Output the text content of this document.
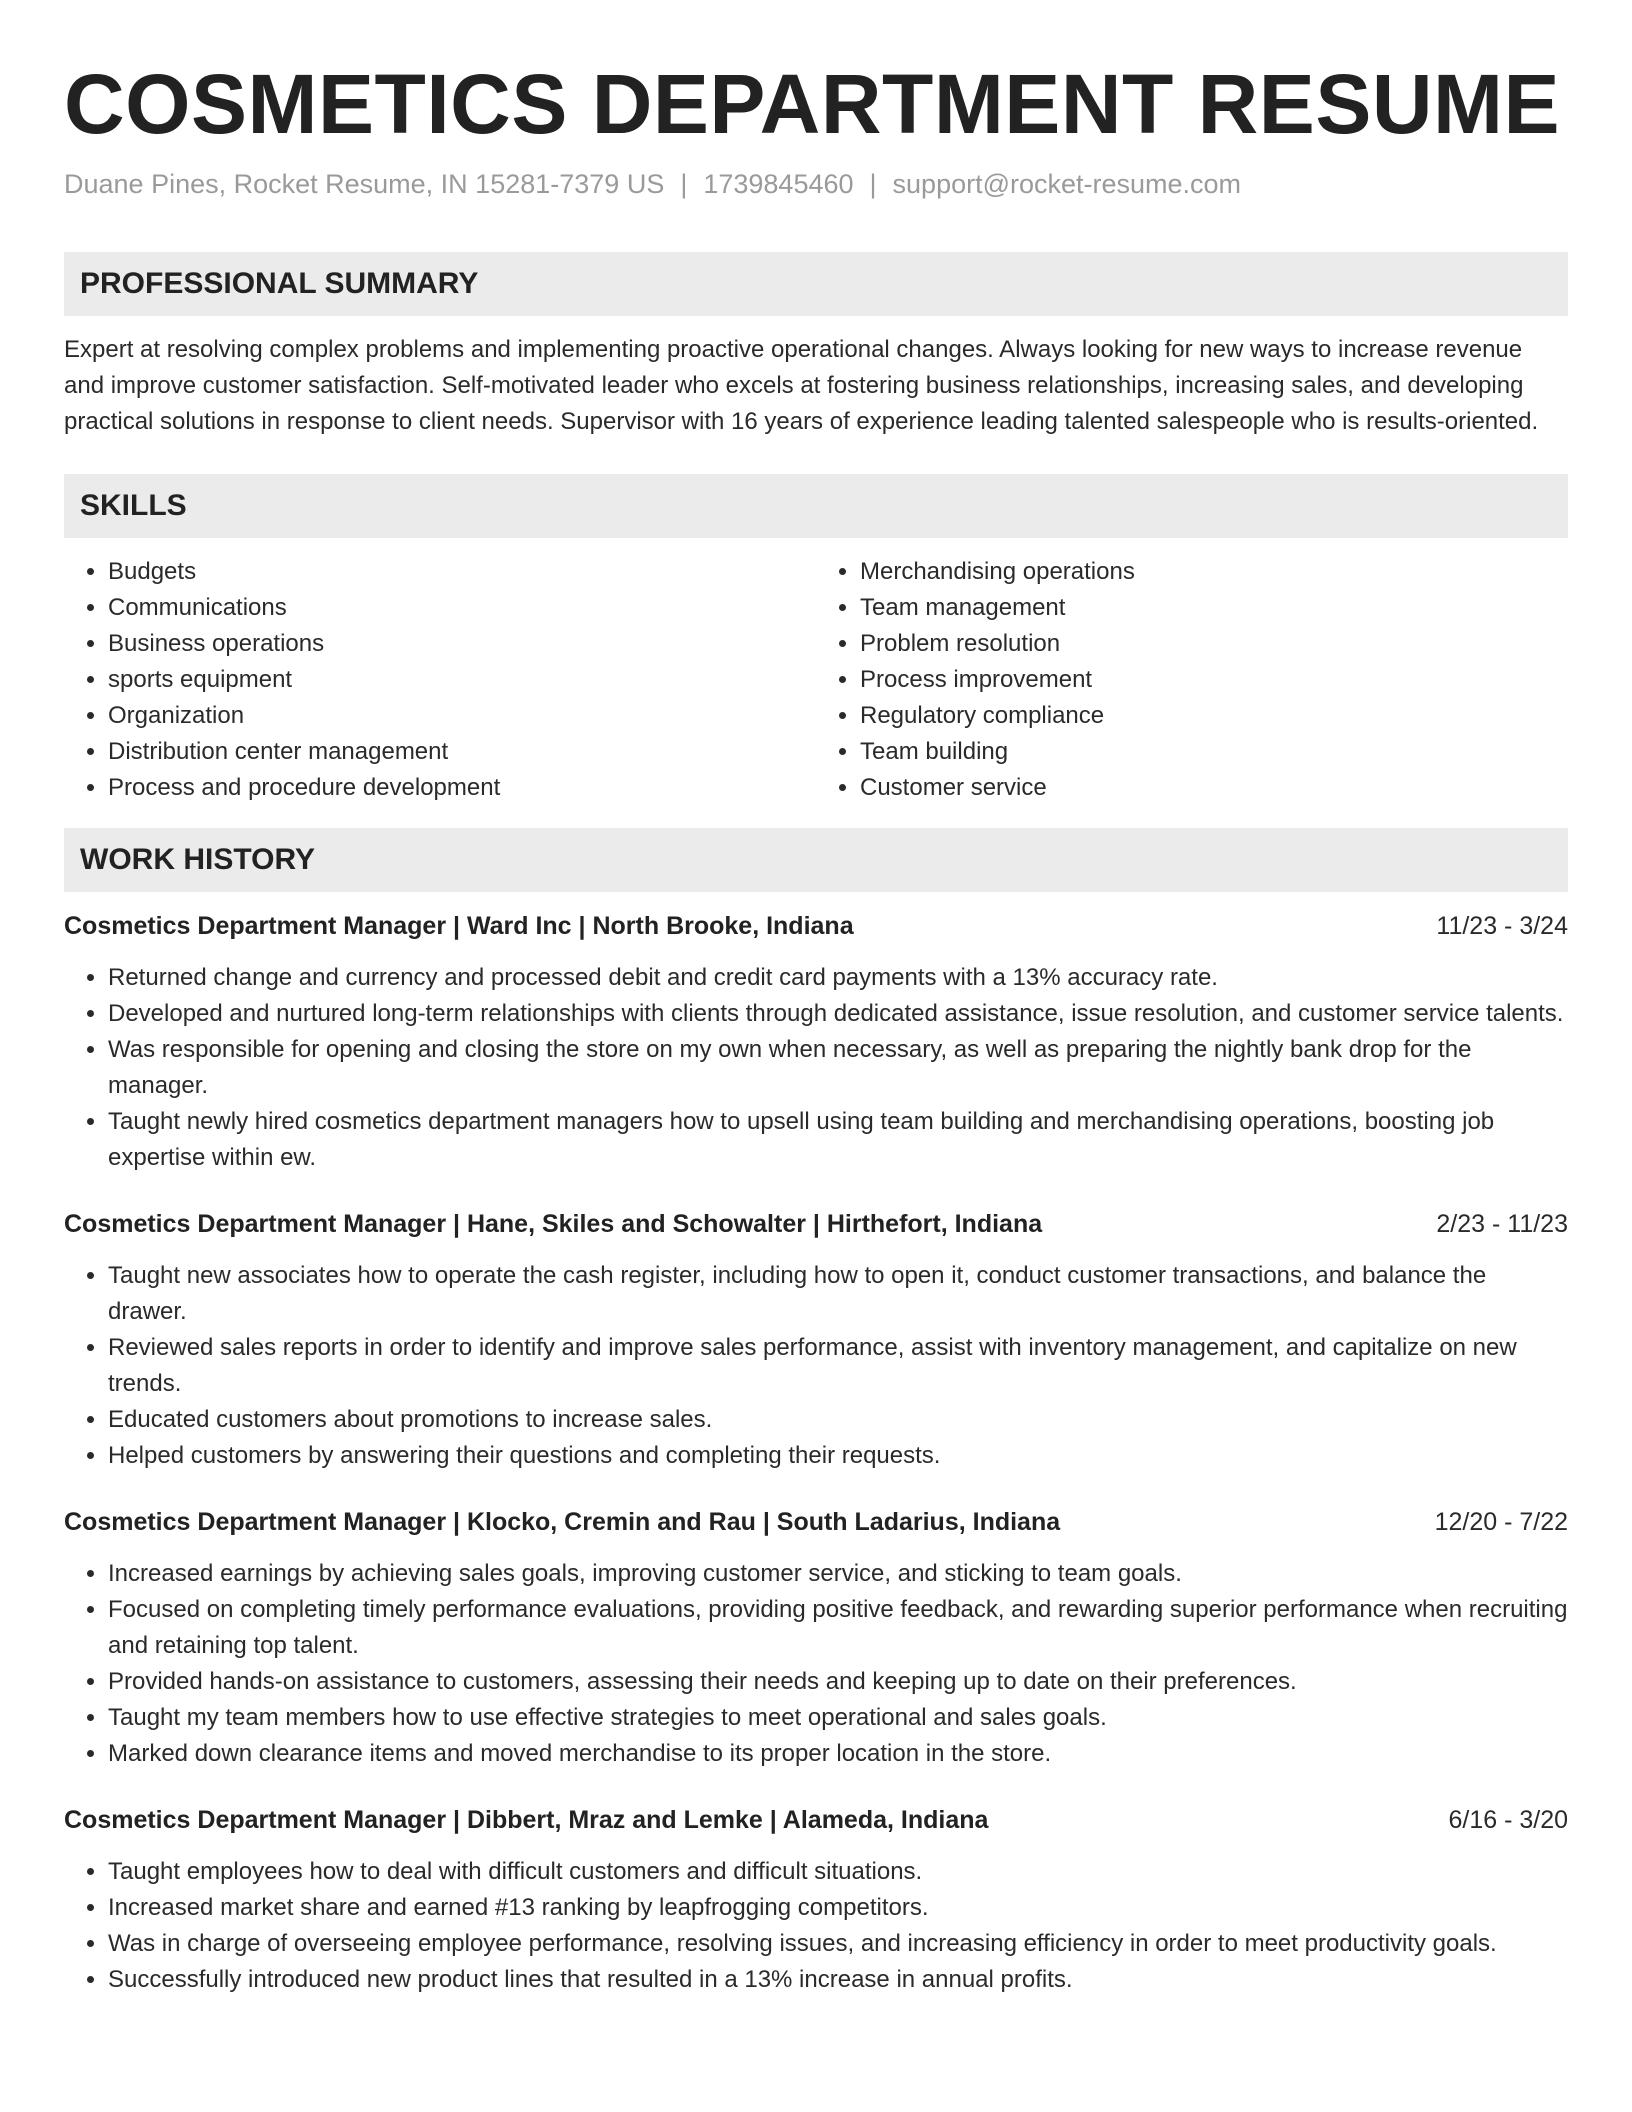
COSMETICS DEPARTMENT RESUME
Duane Pines, Rocket Resume, IN 15281-7379 US | 1739845460 | support@rocket-resume.com
PROFESSIONAL SUMMARY
Expert at resolving complex problems and implementing proactive operational changes. Always looking for new ways to increase revenue and improve customer satisfaction. Self-motivated leader who excels at fostering business relationships, increasing sales, and developing practical solutions in response to client needs. Supervisor with 16 years of experience leading talented salespeople who is results-oriented.
SKILLS
• Budgets
• Communications
• Business operations
• sports equipment
• Organization
• Distribution center management
• Process and procedure development
• Merchandising operations
• Team management
• Problem resolution
• Process improvement
• Regulatory compliance
• Team building
• Customer service
WORK HISTORY
Cosmetics Department Manager | Ward Inc | North Brooke, Indiana	11/23 - 3/24
• Returned change and currency and processed debit and credit card payments with a 13% accuracy rate.
• Developed and nurtured long-term relationships with clients through dedicated assistance, issue resolution, and customer service talents.
• Was responsible for opening and closing the store on my own when necessary, as well as preparing the nightly bank drop for the manager.
• Taught newly hired cosmetics department managers how to upsell using team building and merchandising operations, boosting job expertise within ew.
Cosmetics Department Manager | Hane, Skiles and Schowalter | Hirthefort, Indiana	2/23 - 11/23
• Taught new associates how to operate the cash register, including how to open it, conduct customer transactions, and balance the drawer.
• Reviewed sales reports in order to identify and improve sales performance, assist with inventory management, and capitalize on new trends.
• Educated customers about promotions to increase sales.
• Helped customers by answering their questions and completing their requests.
Cosmetics Department Manager | Klocko, Cremin and Rau | South Ladarius, Indiana	12/20 - 7/22
• Increased earnings by achieving sales goals, improving customer service, and sticking to team goals.
• Focused on completing timely performance evaluations, providing positive feedback, and rewarding superior performance when recruiting and retaining top talent.
• Provided hands-on assistance to customers, assessing their needs and keeping up to date on their preferences.
• Taught my team members how to use effective strategies to meet operational and sales goals.
• Marked down clearance items and moved merchandise to its proper location in the store.
Cosmetics Department Manager | Dibbert, Mraz and Lemke | Alameda, Indiana	6/16 - 3/20
• Taught employees how to deal with difficult customers and difficult situations.
• Increased market share and earned #13 ranking by leapfrogging competitors.
• Was in charge of overseeing employee performance, resolving issues, and increasing efficiency in order to meet productivity goals.
• Successfully introduced new product lines that resulted in a 13% increase in annual profits.
